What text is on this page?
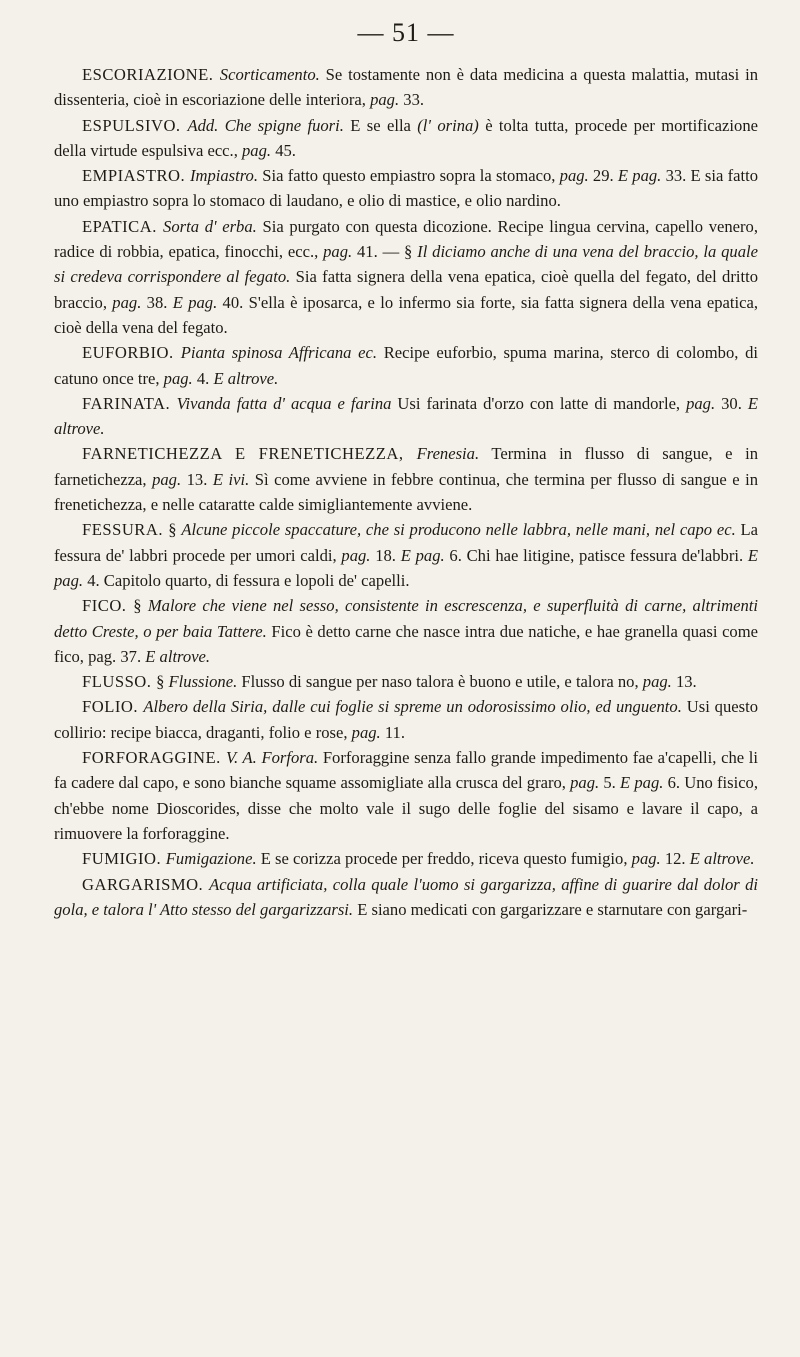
— 51 —

ESCORIAZIONE. Scorticamento. Se tostamente non è data medicina a questa malattia, mutasi in dissenteria, cioè in escoriazione delle interiora, pag. 33.

ESPULSIVO. Add. Che spigne fuori. E se ella (l' orina) è tolta tutta, procede per mortificazione della virtude espulsiva ecc., pag. 45.

EMPIASTRO. Impiastro. Sia fatto questo empiastro sopra la stomaco, pag. 29. E pag. 33. E sia fatto uno empiastro sopra lo stomaco di laudano, e olio di mastice, e olio nardino.

EPATICA. Sorta d' erba. Sia purgato con questa dicozione. Recipe lingua cervina, capello venero, radice di robbia, epatica, finocchi, ecc., pag. 41. — § Il diciamo anche di una vena del braccio, la quale si credeva corrispondere al fegato. Sia fatta signera della vena epatica, cioè quella del fegato, del dritto braccio, pag. 38. E pag. 40. S'ella è iposarca, e lo infermo sia forte, sia fatta signera della vena epatica, cioè della vena del fegato.

EUFORBIO. Pianta spinosa Affricana ec. Recipe euforbio, spuma marina, sterco di colombo, di catuno once tre, pag. 4. E altrove.

FARINATA. Vivanda fatta d' acqua e farina Usi farinata d'orzo con latte di mandorle, pag. 30. E altrove.

FARNETICHEZZA E FRENETICHEZZA, Frenesia. Termina in flusso di sangue, e in farnetichezza, pag. 13. E ivi. Sì come avviene in febbre continua, che termina per flusso di sangue e in frenetichezza, e nelle cataratte calde simigliantemente avviene.

FESSURA. § Alcune piccole spaccature, che si producono nelle labbra, nelle mani, nel capo ec. La fessura de' labbri procede per umori caldi, pag. 18. E pag. 6. Chi hae litigine, patisce fessura de'labbri. E pag. 4. Capitolo quarto, di fessura e lopoli de' capelli.

FICO. § Malore che viene nel sesso, consistente in escrescenza, e superfluità di carne, altrimenti detto Creste, o per baia Tattere. Fico è detto carne che nasce intra due natiche, e hae granella quasi come fico, pag. 37. E altrove.

FLUSSO. § Flussione. Flusso di sangue per naso talora è buono e utile, e talora no, pag. 13.

FOLIO. Albero della Siria, dalle cui foglie si spreme un odorosissimo olio, ed unguento. Usi questo collirio: recipe biacca, draganti, folio e rose, pag. 11.

FORFORAGGINE. V. A. Forfora. Forforaggine senza fallo grande impedimento fae a'capelli, che li fa cadere dal capo, e sono bianche squame assomigliate alla crusca del graro, pag. 5. E pag. 6. Uno fisico, ch'ebbe nome Dioscorides, disse che molto vale il sugo delle foglie del sisamo e lavare il capo, a rimuovere la forforaggine.

FUMIGIO. Fumigazione. E se corizza procede per freddo, riceva questo fumigio, pag. 12. E altrove.

GARGARISMO. Acqua artificiata, colla quale l'uomo si gargarizza, affine di guarire dal dolor di gola, e talora l' Atto stesso del gargarizzarsi. E siano medicati con gargarizzare e starnutare con gargari-
